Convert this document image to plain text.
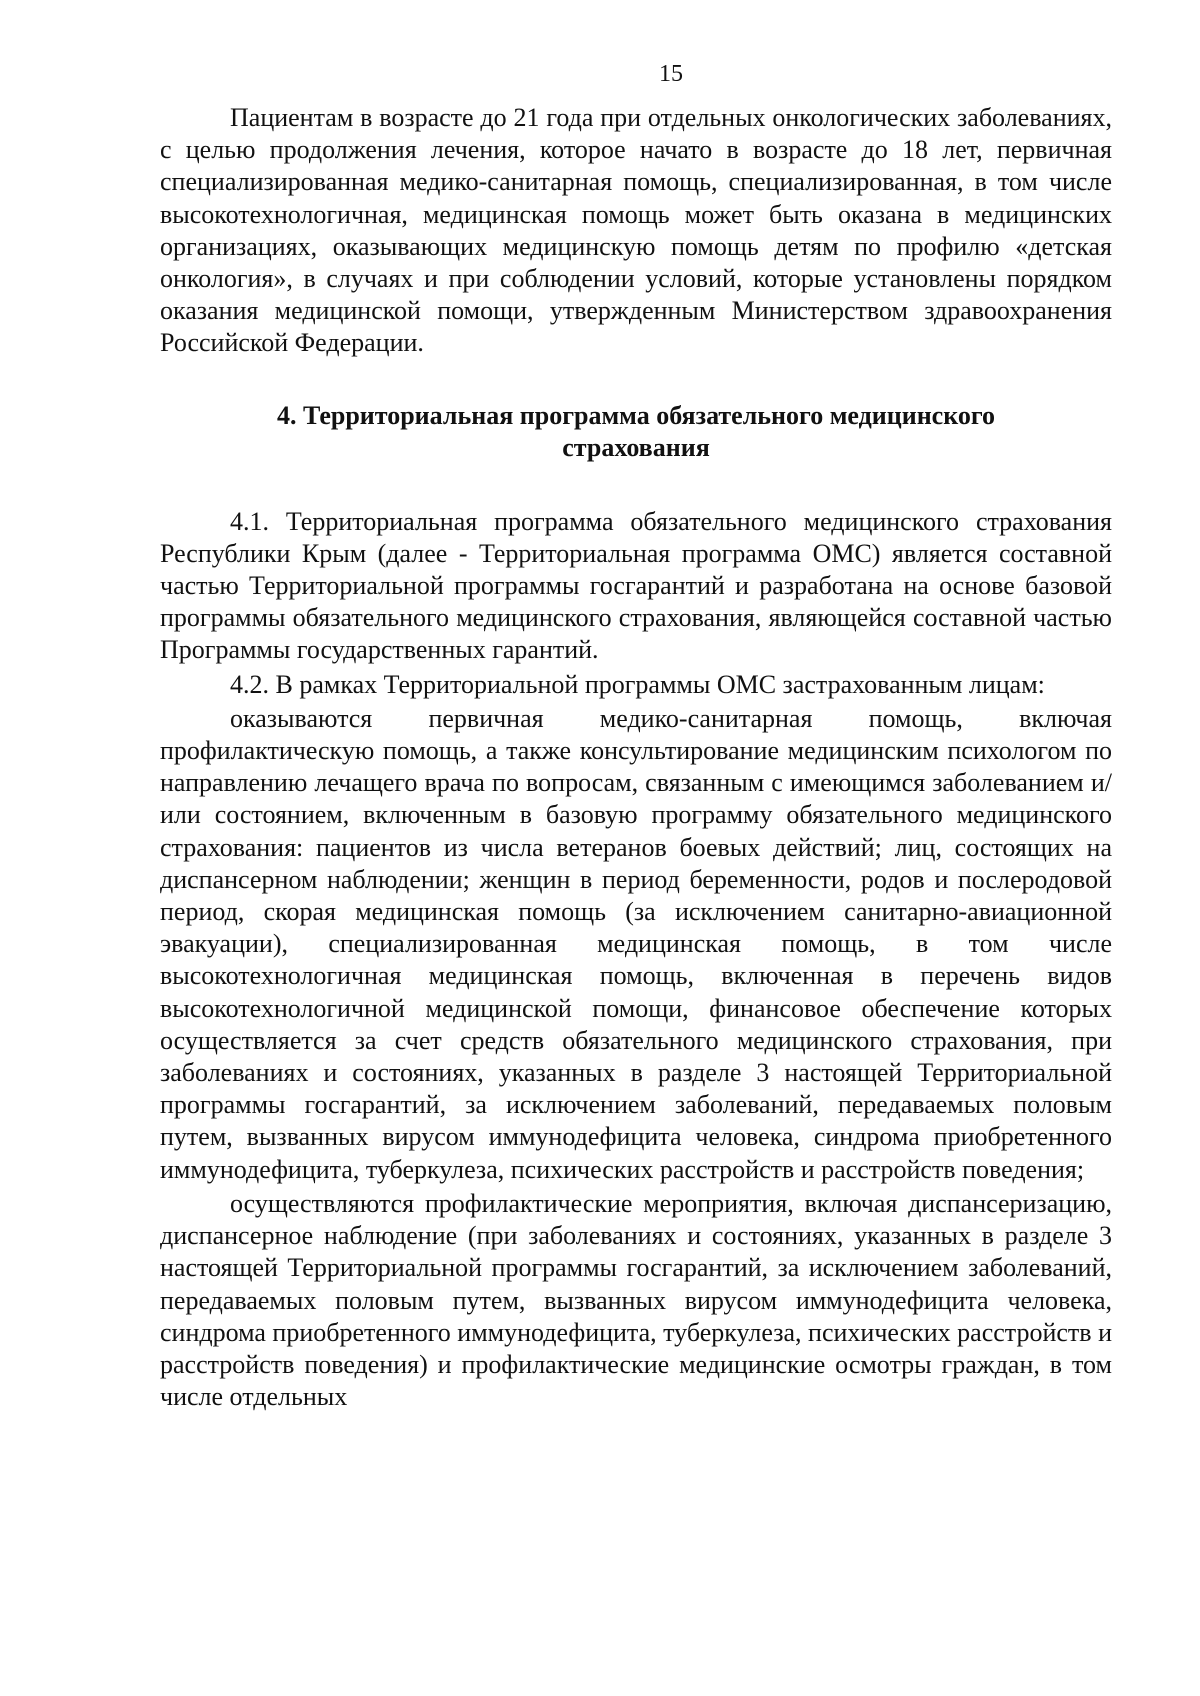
15

Пациентам в возрасте до 21 года при отдельных онкологических заболеваниях, с целью продолжения лечения, которое начато в возрасте до 18 лет, первичная специализированная медико-санитарная помощь, специализированная, в том числе высокотехнологичная, медицинская помощь может быть оказана в медицинских организациях, оказывающих медицинскую помощь детям по профилю «детская онкология», в случаях и при соблюдении условий, которые установлены порядком оказания медицинской помощи, утвержденным Министерством здравоохранения Российской Федерации.

4. Территориальная программа обязательного медицинского
страхования

4.1. Территориальная программа обязательного медицинского страхования Республики Крым (далее - Территориальная программа ОМС) является составной частью Территориальной программы госгарантий и разработана на основе базовой программы обязательного медицинского страхования, являющейся составной частью Программы государственных гарантий.

4.2. В рамках Территориальной программы ОМС застрахованным лицам:

оказываются первичная медико-санитарная помощь, включая профилактическую помощь, а также консультирование медицинским психологом по направлению лечащего врача по вопросам, связанным с имеющимся заболеванием и/или состоянием, включенным в базовую программу обязательного медицинского страхования: пациентов из числа ветеранов боевых действий; лиц, состоящих на диспансерном наблюдении; женщин в период беременности, родов и послеродовой период, скорая медицинская помощь (за исключением санитарно-авиационной эвакуации), специализированная медицинская помощь, в том числе высокотехнологичная медицинская помощь, включенная в перечень видов высокотехнологичной медицинской помощи, финансовое обеспечение которых осуществляется за счет средств обязательного медицинского страхования, при заболеваниях и состояниях, указанных в разделе 3 настоящей Территориальной программы госгарантий, за исключением заболеваний, передаваемых половым путем, вызванных вирусом иммунодефицита человека, синдрома приобретенного иммунодефицита, туберкулеза, психических расстройств и расстройств поведения;

осуществляются профилактические мероприятия, включая диспансеризацию, диспансерное наблюдение (при заболеваниях и состояниях, указанных в разделе 3 настоящей Территориальной программы госгарантий, за исключением заболеваний, передаваемых половым путем, вызванных вирусом иммунодефицита человека, синдрома приобретенного иммунодефицита, туберкулеза, психических расстройств и расстройств поведения) и профилактические медицинские осмотры граждан, в том числе отдельных
